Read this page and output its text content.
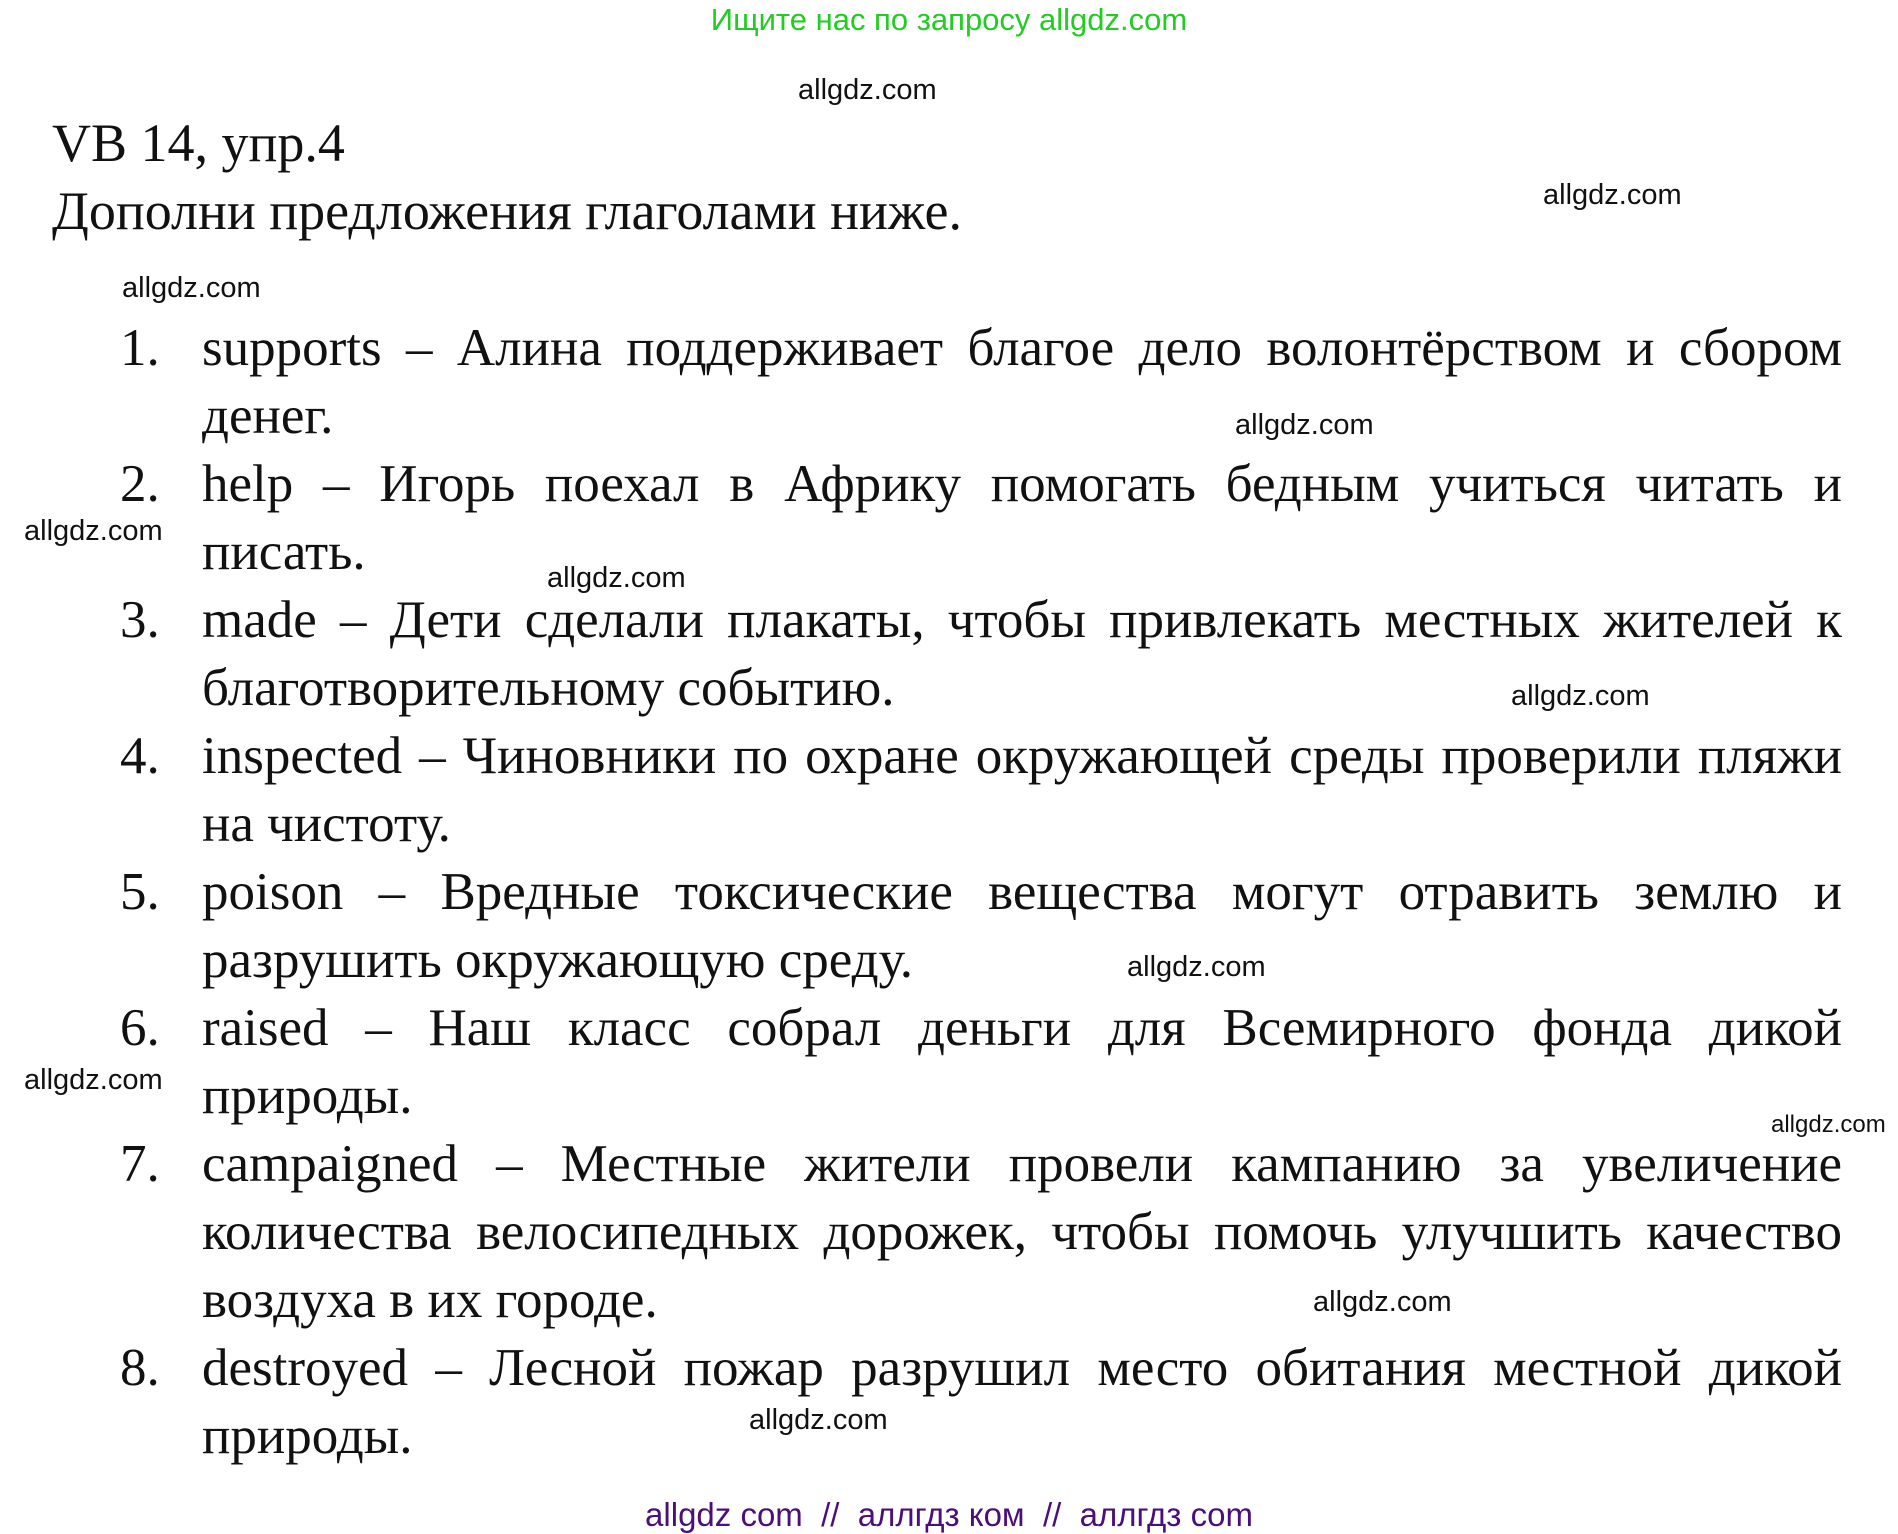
Ищите нас по запросу allgdz.com
VB 14, упр.4
Дополни предложения глаголами ниже.
1. supports – Алина поддерживает благое дело волонтёрством и сбором денег.
2. help – Игорь поехал в Африку помогать бедным учиться читать и писать.
3. made – Дети сделали плакаты, чтобы привлекать местных жителей к благотворительному событию.
4. inspected – Чиновники по охране окружающей среды проверили пляжи на чистоту.
5. poison – Вредные токсические вещества могут отравить землю и разрушить окружающую среду.
6. raised – Наш класс собрал деньги для Всемирного фонда дикой природы.
7. campaigned – Местные жители провели кампанию за увеличение количества велосипедных дорожек, чтобы помочь улучшить качество воздуха в их городе.
8. destroyed – Лесной пожар разрушил место обитания местной дикой природы.
allgdz.com
allgdz.com
allgdz.com
allgdz.com
allgdz.com
allgdz.com
allgdz.com
allgdz.com
allgdz.com
allgdz.com
allgdz.com
allgdz.com
allgdz com  //  аллгдз ком  //  аллгдз com
